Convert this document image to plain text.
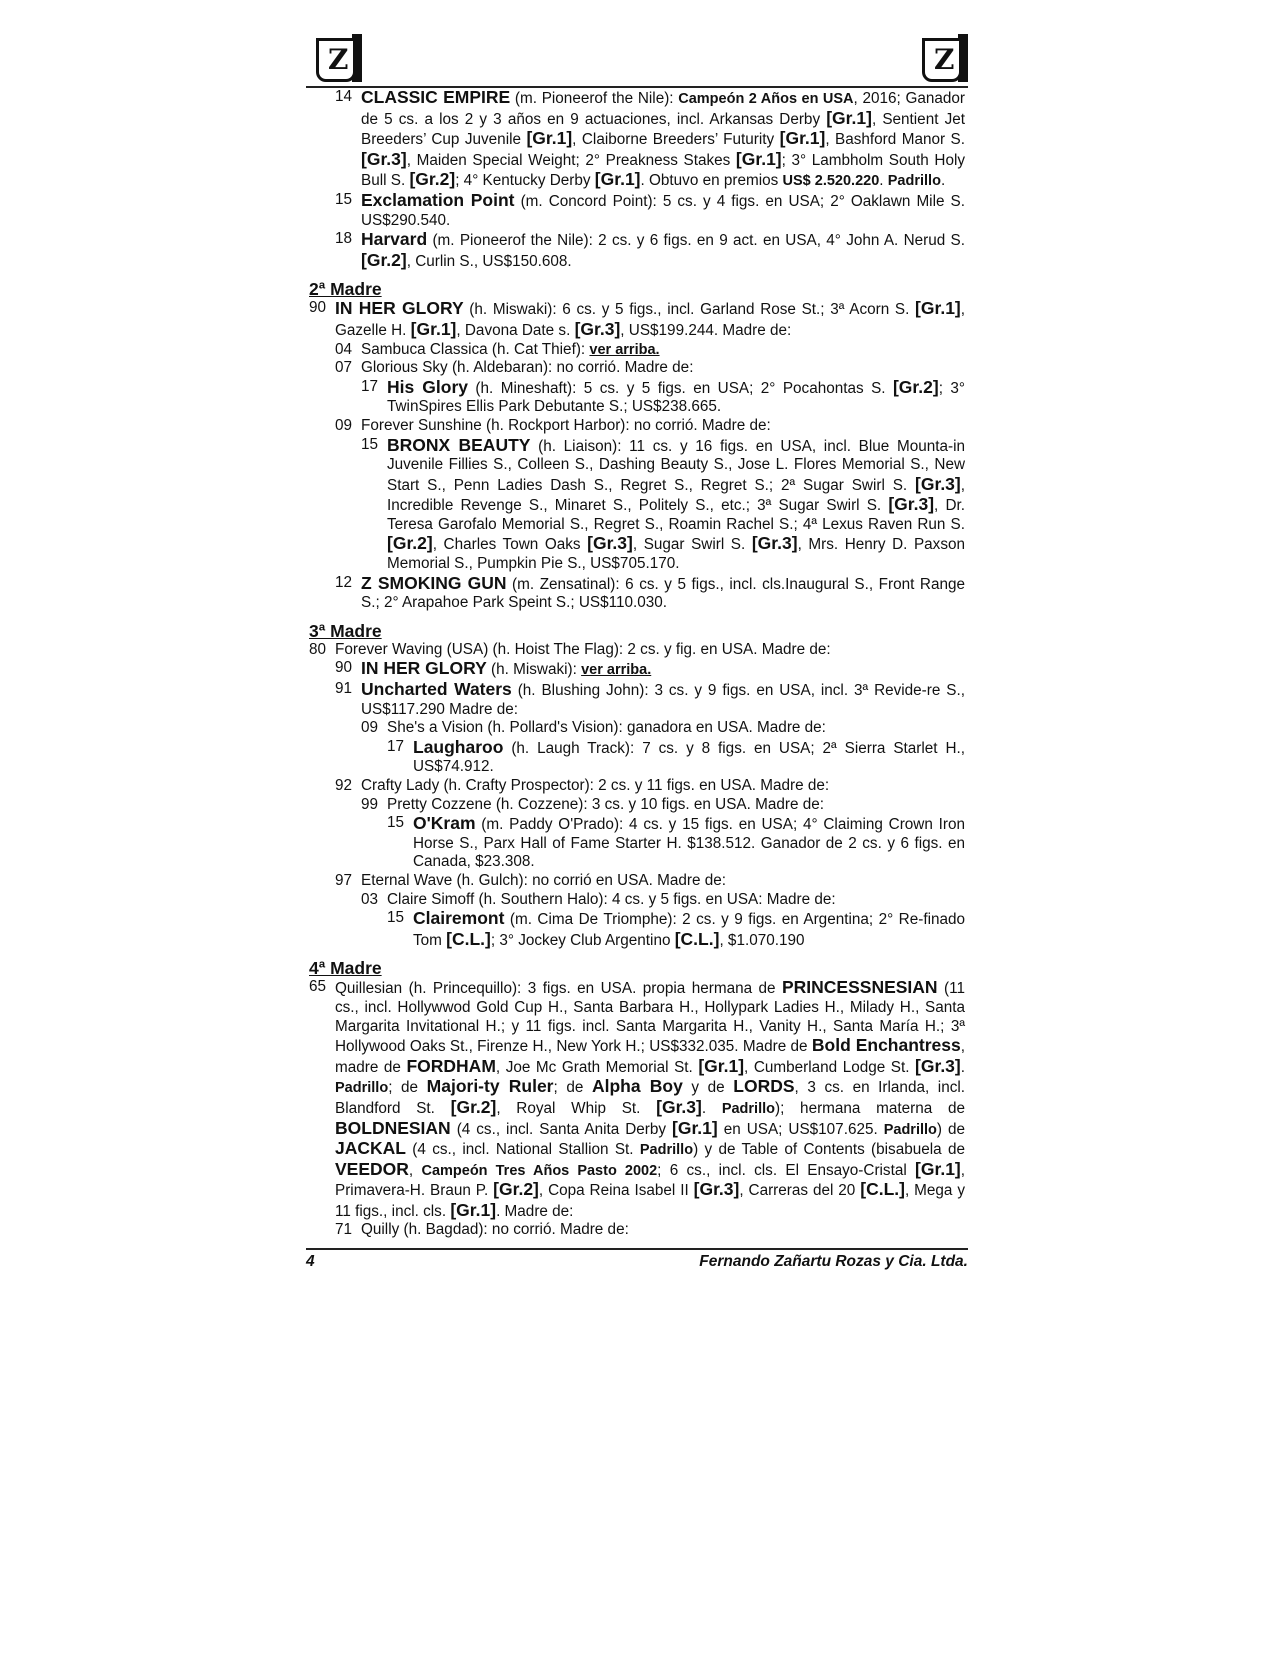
Z	Z
14 CLASSIC EMPIRE (m. Pioneerof the Nile): Campeón 2 Años en USA, 2016; Ganador de 5 cs. a los 2 y 3 años en 9 actuaciones, incl. Arkansas Derby [Gr.1], Sentient Jet Breeders’ Cup Juvenile [Gr.1], Claiborne Breeders’ Futurity [Gr.1], Bashford Manor S. [Gr.3], Maiden Special Weight; 2° Preakness Stakes [Gr.1]; 3° Lambholm South Holy Bull S. [Gr.2]; 4° Kentucky Derby [Gr.1]. Obtuvo en premios US$ 2.520.220. Padrillo.
15 Exclamation Point (m. Concord Point): 5 cs. y 4 figs. en USA; 2° Oaklawn Mile S. US$290.540.
18 Harvard (m. Pioneerof the Nile): 2 cs. y 6 figs. en 9 act. en USA, 4° John A. Nerud S. [Gr.2], Curlin S., US$150.608.
2ª Madre
90 IN HER GLORY (h. Miswaki): 6 cs. y 5 figs., incl. Garland Rose St.; 3ª Acorn S. [Gr.1], Gazelle H. [Gr.1], Davona Date s. [Gr.3], US$199.244. Madre de:
04 Sambuca Classica (h. Cat Thief): ver arriba.
07 Glorious Sky (h. Aldebaran): no corrió. Madre de:
17 His Glory (h. Mineshaft): 5 cs. y 5 figs. en USA; 2° Pocahontas S. [Gr.2]; 3° TwinSpires Ellis Park Debutante S.; US$238.665.
09 Forever Sunshine (h. Rockport Harbor): no corrió. Madre de:
15 BRONX BEAUTY (h. Liaison): 11 cs. y 16 figs. en USA, incl. Blue Mounta-in Juvenile Fillies S., Colleen S., Dashing Beauty S., Jose L. Flores Memorial S., New Start S., Penn Ladies Dash S., Regret S., Regret S.; 2ª Sugar Swirl S. [Gr.3], Incredible Revenge S., Minaret S., Politely S., etc.; 3ª Sugar Swirl S. [Gr.3], Dr. Teresa Garofalo Memorial S., Regret S., Roamin Rachel S.; 4ª Lexus Raven Run S. [Gr.2], Charles Town Oaks [Gr.3], Sugar Swirl S. [Gr.3], Mrs. Henry D. Paxson Memorial S., Pumpkin Pie S., US$705.170.
12 Z SMOKING GUN (m. Zensatinal): 6 cs. y 5 figs., incl. cls.Inaugural S., Front Range S.; 2° Arapahoe Park Speint S.; US$110.030.
3ª Madre
80 Forever Waving (USA) (h. Hoist The Flag): 2 cs. y fig. en USA. Madre de:
90 IN HER GLORY (h. Miswaki): ver arriba.
91 Uncharted Waters (h. Blushing John): 3 cs. y 9 figs. en USA, incl. 3ª Revide-re S., US$117.290 Madre de:
09 She's a Vision (h. Pollard's Vision): ganadora en USA. Madre de:
17 Laugharoo (h. Laugh Track): 7 cs. y 8 figs. en USA; 2ª Sierra Starlet H., US$74.912.
92 Crafty Lady (h. Crafty Prospector): 2 cs. y 11 figs. en USA. Madre de:
99 Pretty Cozzene (h. Cozzene): 3 cs. y 10 figs. en USA. Madre de:
15 O'Kram (m. Paddy O'Prado): 4 cs. y 15 figs. en USA; 4° Claiming Crown Iron Horse S., Parx Hall of Fame Starter H. $138.512. Ganador de 2 cs. y 6 figs. en Canada, $23.308.
97 Eternal Wave (h. Gulch): no corrió en USA. Madre de:
03 Claire Simoff (h. Southern Halo): 4 cs. y 5 figs. en USA: Madre de:
15 Clairemont (m. Cima De Triomphe): 2 cs. y 9 figs. en Argentina; 2° Re-finado Tom [C.L.]; 3° Jockey Club Argentino [C.L.], $1.070.190
4ª Madre
65 Quillesian (h. Princequillo): 3 figs. en USA. propia hermana de PRINCESSNESIAN (11 cs., incl. Hollywwod Gold Cup H., Santa Barbara H., Hollypark Ladies H., Milady H., Santa Margarita Invitational H.; y 11 figs. incl. Santa Margarita H., Vanity H., Santa María H.; 3ª Hollywood Oaks St., Firenze H., New York H.; US$332.035. Madre de Bold Enchantress, madre de FORDHAM, Joe Mc Grath Memorial St. [Gr.1], Cumberland Lodge St. [Gr.3]. Padrillo; de Majori-ty Ruler; de Alpha Boy y de LORDS, 3 cs. en Irlanda, incl. Blandford St. [Gr.2], Royal Whip St. [Gr.3]. Padrillo); hermana materna de BOLDNESIAN (4 cs., incl. Santa Anita Derby [Gr.1] en USA; US$107.625. Padrillo) de JACKAL (4 cs., incl. National Stallion St. Padrillo) y de Table of Contents (bisabuela de VEEDOR, Campeón Tres Años Pasto 2002; 6 cs., incl. cls. El Ensayo-Cristal [Gr.1], Primavera-H. Braun P. [Gr.2], Copa Reina Isabel II [Gr.3], Carreras del 20 [C.L.], Mega y 11 figs., incl. cls. [Gr.1]. Madre de:
71 Quilly (h. Bagdad): no corrió. Madre de:
4	Fernando Zañartu Rozas y Cia. Ltda.
